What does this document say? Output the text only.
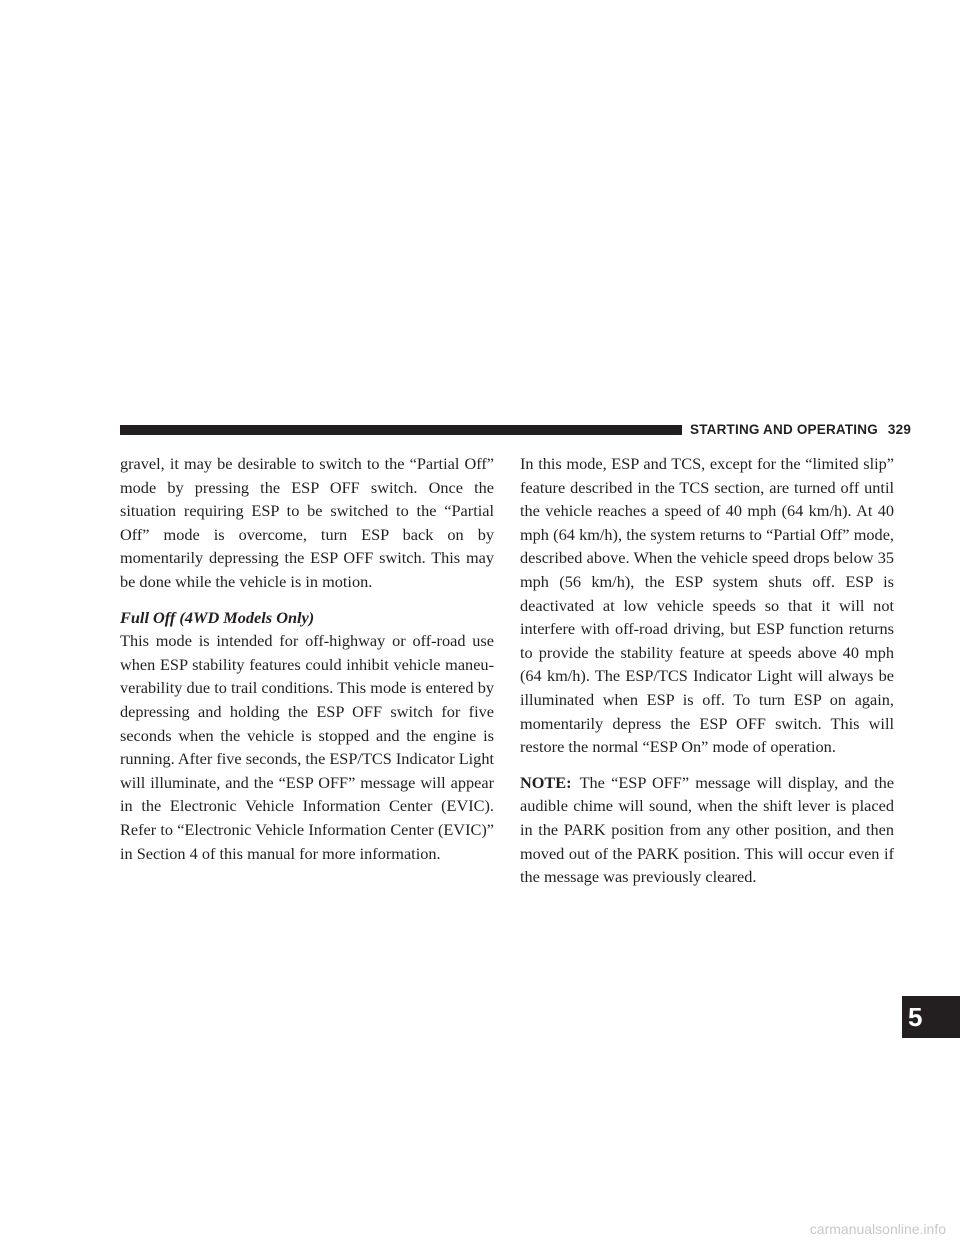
STARTING AND OPERATING 329

gravel, it may be desirable to switch to the “Partial Off” mode by pressing the ESP OFF switch. Once the situation requiring ESP to be switched to the “Partial Off” mode is overcome, turn ESP back on by momentarily depressing the ESP OFF switch. This may be done while the vehicle is in motion.

Full Off (4WD Models Only)

This mode is intended for off-highway or off-road use when ESP stability features could inhibit vehicle maneu-verability due to trail conditions. This mode is entered by depressing and holding the ESP OFF switch for five seconds when the vehicle is stopped and the engine is running. After five seconds, the ESP/TCS Indicator Light will illuminate, and the “ESP OFF” message will appear in the Electronic Vehicle Information Center (EVIC). Refer to “Electronic Vehicle Information Center (EVIC)” in Section 4 of this manual for more information.

In this mode, ESP and TCS, except for the “limited slip” feature described in the TCS section, are turned off until the vehicle reaches a speed of 40 mph (64 km/h). At 40 mph (64 km/h), the system returns to “Partial Off” mode, described above. When the vehicle speed drops below 35 mph (56 km/h), the ESP system shuts off. ESP is deactivated at low vehicle speeds so that it will not interfere with off-road driving, but ESP function returns to provide the stability feature at speeds above 40 mph (64 km/h). The ESP/TCS Indicator Light will always be illuminated when ESP is off. To turn ESP on again, momentarily depress the ESP OFF switch. This will restore the normal “ESP On” mode of operation.

NOTE: The “ESP OFF” message will display, and the audible chime will sound, when the shift lever is placed in the PARK position from any other position, and then moved out of the PARK position. This will occur even if the message was previously cleared.

5
carmanualsonline.info
